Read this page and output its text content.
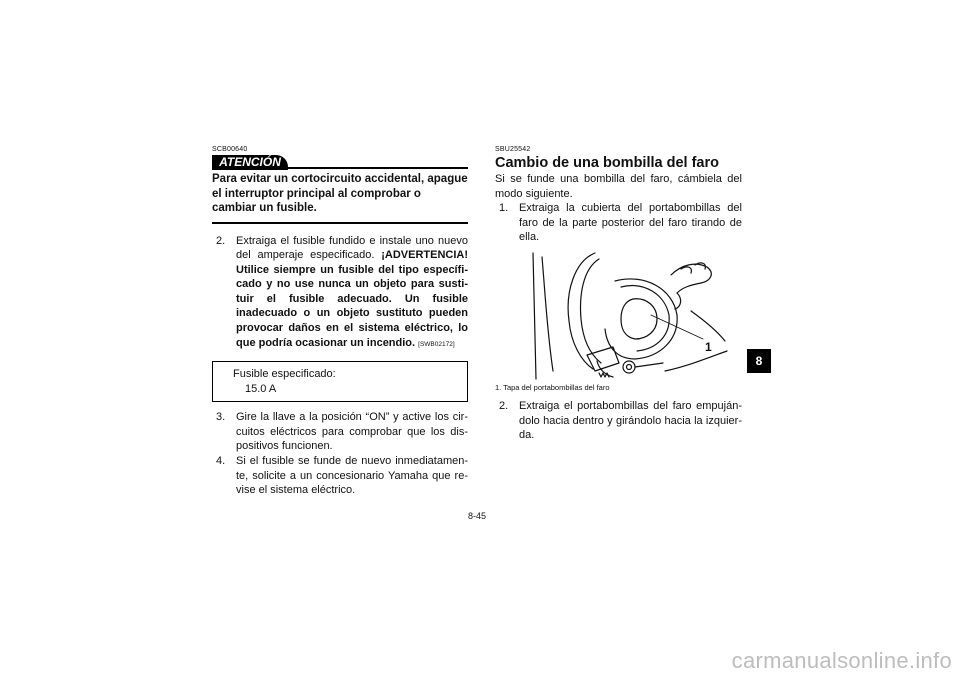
SCB00640
ATENCIÓN

Para evitar un cortocircuito accidental, apague el interruptor principal al comprobar o cambiar un fusible.

2. Extraiga el fusible fundido e instale uno nuevo del amperaje especificado. ¡ADVERTENCIA! Utilice siempre un fusible del tipo específi-cado y no use nunca un objeto para susti-tuir el fusible adecuado. Un fusible inadecuado o un objeto sustituto pueden provocar daños en el sistema eléctrico, lo que podría ocasionar un incendio. [SWB02172]
Fusible especificado:
15.0 A
3. Gire la llave a la posición “ON” y active los cir-cuitos eléctricos para comprobar que los dis-positivos funcionen.
4. Si el fusible se funde de nuevo inmediatamen-te, solicite a un concesionario Yamaha que re-vise el sistema eléctrico.
SBU25542
Cambio de una bombilla del faro

Si se funde una bombilla del faro, cámbiela del modo siguiente.

1. Extraiga la cubierta del portabombillas del faro de la parte posterior del faro tirando de ella.
1
1. Tapa del portabombillas del faro
2. Extraiga el portabombillas del faro empuján-dolo hacia dentro y girándolo hacia la izquier-da.
8-45
8
carmanualsonline.info
